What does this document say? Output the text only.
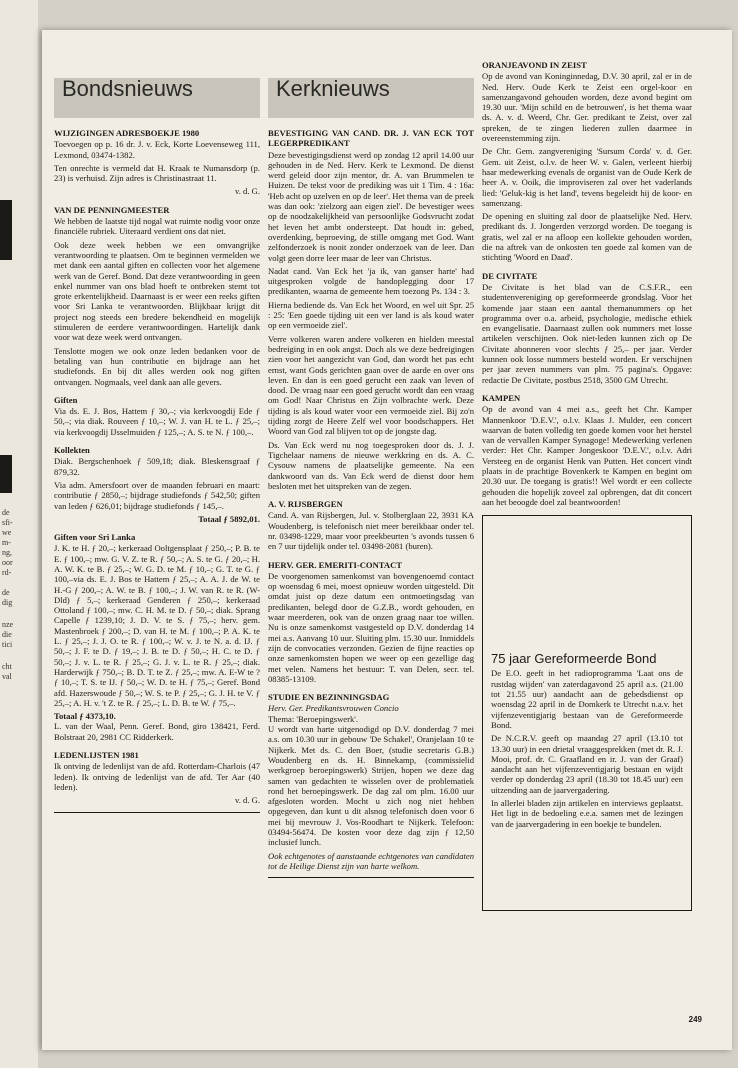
de
sfi-
we
m-
ng,
oor
rd-
de
dig
nze
die
tici
cht
val
Bondsnieuws
WIJZIGINGEN ADRESBOEKJE 1980

Toevoegen op p. 16 dr. J. v. Eck, Korte Loevenseweg 111, Lexmond, 03474-1382.

Ten onrechte is vermeld dat H. Kraak te Numansdorp (p. 23) is verhuisd. Zijn adres is Christinastraat 11.

v. d. G.

VAN DE PENNINGMEESTER

We hebben de laatste tijd nogal wat ruimte nodig voor onze financiële rubriek. Uiteraard verdient ons dat niet.

Ook deze week hebben we een omvangrijke verantwoording te plaatsen. Om te beginnen vermelden we met dank een aantal giften en collecten voor het algemene werk van de Geref. Bond. Dat deze verantwoording in geen enkel nummer van ons blad hoeft te ontbreken stemt tot grote erkentelijkheid. Daarnaast is er weer een reeks giften voor Sri Lanka te verantwoorden. Blijkbaar krijgt dit project nog steeds een bredere bekendheid en mogelijk stimuleren de eerdere verantwoordingen. Hartelijk dank voor wat deze week werd ontvangen.

Tenslotte mogen we ook onze leden bedanken voor de betaling van hun contributie en bijdrage aan het studiefonds. En bij dit alles werden ook nog giften ontvangen. Nogmaals, veel dank aan alle gevers.

Giften

Via ds. E. J. Bos, Hattem ƒ 30,–; via kerkvoogdij Ede ƒ 50,–; via diak. Rouveen ƒ 10,–; W. J. van H. te L. ƒ 25,–; via kerkvoogdij IJsselmuiden ƒ 125,–; A. S. te N. ƒ 100,–.

Kollekten

Diak. Bergschenhoek ƒ 509,18; diak. Bleskensgraaf ƒ 879,32.

Via adm. Amersfoort over de maanden februari en maart: contributie ƒ 2850,–; bijdrage studiefonds ƒ 542,50; giften van leden ƒ 626,01; bijdrage studiefonds ƒ 145,–.

Totaal ƒ 5892,01.

Giften voor Sri Lanka

J. K. te H. ƒ 20,–; kerkeraad Ooltgensplaat ƒ 250,–; P. B. te E. ƒ 100,–; mw. G. V. Z. te R. ƒ 50,–; A. S. te G. ƒ 20,–; H. A. W. K. te B. ƒ 25,–; W. G. D. te M. ƒ 10,–; G. T. te G. ƒ 100,–via ds. E. J. Bos te Hattem ƒ 25,–; A. A. J. de W. te H.-G ƒ 200,–; A. W. te B. ƒ 100,–; J. W. van R. te R. (W-Dld) ƒ 5,–; kerkeraad Genderen ƒ 250,–; kerkeraad Ottoland ƒ 100,–; mw. C. H. M. te D. ƒ 50,–; diak. Sprang Capelle ƒ 1239,10; J. D. V. te S. ƒ 75,–; herv. gem. Mastenbroek ƒ 200,–; D. van H. te M. ƒ 100,–; P. A. K. te L. ƒ 25,–; J. J. O. te R. ƒ 100,–; W. v. J. te N. a. d. IJ. ƒ 50,–; J. F. te D. ƒ 19,–; J. B. te D. ƒ 50,–; H. C. te D. ƒ 50,–; J. v. L. te R. ƒ 25,–; G. J. v. L. te R. ƒ 25,–; diak. Harderwijk ƒ 750,–; B. D. T. te Z. ƒ 25,–; mw. A. E-W te ? ƒ 10,–; T. S. te IJ. ƒ 50,–; W. D. te H. ƒ 75,–; Geref. Bond afd. Hazerswoude ƒ 50,–; W. S. te P. ƒ 25,–; G. J. H. te V. ƒ 25,–; A. H. v. 't Z. te R. ƒ 25,–; L. D. B. te W. ƒ 75,–.

Totaal ƒ 4373,10.

L. van der Waal, Penn. Geref. Bond, giro 138421, Ferd. Bolstraat 20, 2981 CC Ridderkerk.

LEDENLIJSTEN 1981

Ik ontving de ledenlijst van de afd. Rotterdam-Charlois (47 leden). Ik ontving de ledenlijst van de afd. Ter Aar (40 leden).

v. d. G.

Kerknieuws
BEVESTIGING VAN CAND. DR. J. VAN ECK TOT LEGERPREDIKANT

Deze bevestigingsdienst werd op zondag 12 april 14.00 uur gehouden in de Ned. Herv. Kerk te Lexmond. De dienst werd geleid door zijn mentor, dr. A. van Brummelen te Huizen. De tekst voor de prediking was uit 1 Tim. 4 : 16a: 'Heb acht op uzelven en op de leer'. Het thema van de preek was dan ook: 'zielzorg aan eigen ziel'. De bevestiger wees op de noodzakelijkheid van persoonlijke Godsvrucht zodat het leven het ambt ondersteept. Dat houdt in: gebed, overdenking, beproeving, de stille omgang met God. Want zelfonderzoek is nooit zonder onderzoek van de leer. Dan volgt geen dorre leer maar de leer van Christus.

Nadat cand. Van Eck het 'ja ik, van ganser harte' had uitgesproken volgde de handoplegging door 17 predikanten, waarna de gemeente hem toezong Ps. 134 : 3.

Hierna bediende ds. Van Eck het Woord, en wel uit Spr. 25 : 25: 'Een goede tijding uit een ver land is als koud water op een vermoeide ziel'.

Verre volkeren waren andere volkeren en hielden meestal bedreiging in en ook angst. Doch als we deze bedreigingen zien voor het aangezicht van God, dan wordt het pas echt ernst, want Gods gerichten gaan over de aarde en over ons leven. En dan is een goed gerucht een zaak van leven of dood. De vraag naar een goed gerucht wordt dan een vraag om God! Naar Christus en Zijn volbrachte werk. Deze tijding is als koud water voor een vermoeide ziel. Bij zo'n tijding zorgt de Heere Zelf wel voor boodschappers. Het Woord van God zal blijven tot op de jongste dag.

Ds. Van Eck werd nu nog toegesproken door ds. J. J. Tigchelaar namens de nieuwe werkkring en ds. A. C. Cysouw namens de plaatselijke gemeente. Na een dankwoord van ds. Van Eck werd de dienst door hem besloten met het uitspreken van de zegen.

A. V. RIJSBERGEN

Cand. A. van Rijsbergen, Jul. v. Stolberglaan 22, 3931 KA Woudenberg, is telefonisch niet meer bereikbaar onder tel. nr. 03498-1229, maar voor preekbeurten 's avonds tussen 6 en 7 uur tijdelijk onder tel. 03498-2081 (buren).

HERV. GER. EMERITI-CONTACT

De voorgenomen samenkomst van bovengenoemd contact op woensdag 6 mei, moest opnieuw worden uitgesteld. Dit omdat juist op deze datum een ontmoetingsdag van predikanten, belegd door de G.Z.B., wordt gehouden, en waar meerderen, ook van de onzen graag naar toe willen. Nu is onze samenkomst vastgesteld op D.V. donderdag 14 mei a.s. Aanvang 10 uur. Sluiting plm. 15.30 uur. Inmiddels zijn de convocaties verzonden. Gezien de fijne reacties op onze samenkomsten hopen we weer op een gezellige dag met velen. Namens het bestuur: T. van Delen, secr. tel. 08385-13109.

STUDIE EN BEZINNINGSDAG

Herv. Ger. Predikantsvrouwen Concio

Thema: 'Beroepingswerk'.

U wordt van harte uitgenodigd op D.V. donderdag 7 mei a.s. om 10.30 uur in gebouw 'De Schakel', Oranjelaan 10 te Nijkerk. Met ds. C. den Boer, (studie secretaris G.B.) Woudenberg en ds. H. Binnekamp, (commissielid werkgroep beroepingswerk) Strijen, hopen we deze dag samen van gedachten te wisselen over de problematiek rond het beroepingswerk. De dag zal om plm. 16.00 uur afgesloten worden. Mocht u zich nog niet hebben opgegeven, dan kunt u dit alsnog telefonisch doen voor 6 mei bij mevrouw J. Vos-Roodhart te Nijkerk. Telefoon: 03494-56474. De kosten voor deze dag zijn ƒ 12,50 inclusief lunch.

Ook echtgenotes of aanstaande echtgenotes van candidaten tot de Heilige Dienst zijn van harte welkom.

ORANJEAVOND IN ZEIST

Op de avond van Koninginnedag, D.V. 30 april, zal er in de Ned. Herv. Oude Kerk te Zeist een orgel-koor en samenzangavond gehouden worden, deze avond begint om 19.30 uur. 'Mijn schild en de betrouwen', is het thema waar ds. A. v. d. Weerd, Chr. Ger. predikant te Zeist, over zal spreken, de te zingen liederen zullen daarmee in overeenstemming zijn.

De Chr. Gem. zangvereniging 'Sursum Corda' v. d. Ger. Gem. uit Zeist, o.l.v. de heer W. v. Galen, verleent hierbij haar medewerking evenals de organist van de Oude Kerk de heer A. v. Ooik, die improviseren zal over het vaderlands lied: 'Geluk-kig is het land', tevens begeleidt hij de koor- en samenzang.

De opening en sluiting zal door de plaatselijke Ned. Herv. predikant ds. J. Jongerden verzorgd worden. De toegang is gratis, wel zal er na afloop een kollekte gehouden worden, die na aftrek van de onkosten ten goede zal komen van de stichting 'Woord en Daad'.

DE CIVITATE

De Civitate is het blad van de C.S.F.R., een studentenvereniging op gereformeerde grondslag. Voor het komende jaar staan een aantal themanummers op het programma over o.a. arbeid, psychologie, medische ethiek en evangelisatie. Daarnaast zullen ook nummers met losse artikelen verschijnen. Ook niet-leden kunnen zich op De Civitate abonneren voor slechts ƒ 25,– per jaar. Verder kunnen ook losse nummers besteld worden. Er verschijnen per jaar zeven nummers van plm. 75 pagina's. Opgave: redactie De Civitate, postbus 2518, 3500 GM Utrecht.

KAMPEN

Op de avond van 4 mei a.s., geeft het Chr. Kamper Mannenkoor 'D.E.V.', o.l.v. Klaas J. Mulder, een concert waarvan de baten volledig ten goede komen voor het herstel van de vervallen Kamper Synagoge! Medewerking verlenen verder: Het Chr. Kamper Jongeskoor 'D.E.V.', o.l.v. Adri Versteeg en de organist Henk van Putten. Het concert vindt plaats in de prachtige Bovenkerk te Kampen en begint om 20.30 uur. De toegang is gratis!! Wel wordt er een collecte gehouden die hopelijk zoveel zal opbrengen, dat dit concert aan het beoogde doel zal beantwoorden!

75 jaar Gereformeerde Bond

De E.O. geeft in het radioprogramma 'Laat ons de rustdag wijden' van zaterdagavond 25 april a.s. (21.00 tot 21.55 uur) aandacht aan de gebedsdienst op woensdag 22 april in de Domkerk te Utrecht n.a.v. het vijfenzeventigjarig bestaan van de Gereformeerde Bond.

De N.C.R.V. geeft op maandag 27 april (13.10 tot 13.30 uur) in een drietal vraaggesprekken (met dr. R. J. Mooi, prof. dr. C. Graafland en ir. J. van der Graaf) aandacht aan het vijfenzeventigjarig bestaan en wijdt verder op donderdag 23 april (18.30 tot 18.45 uur) een uitzending aan de jaarvergadering.

In allerlei bladen zijn artikelen en interviews geplaatst. Het ligt in de bedoeling e.e.a. samen met de lezingen van de jaarvergadering in een boekje te bundelen.

249
